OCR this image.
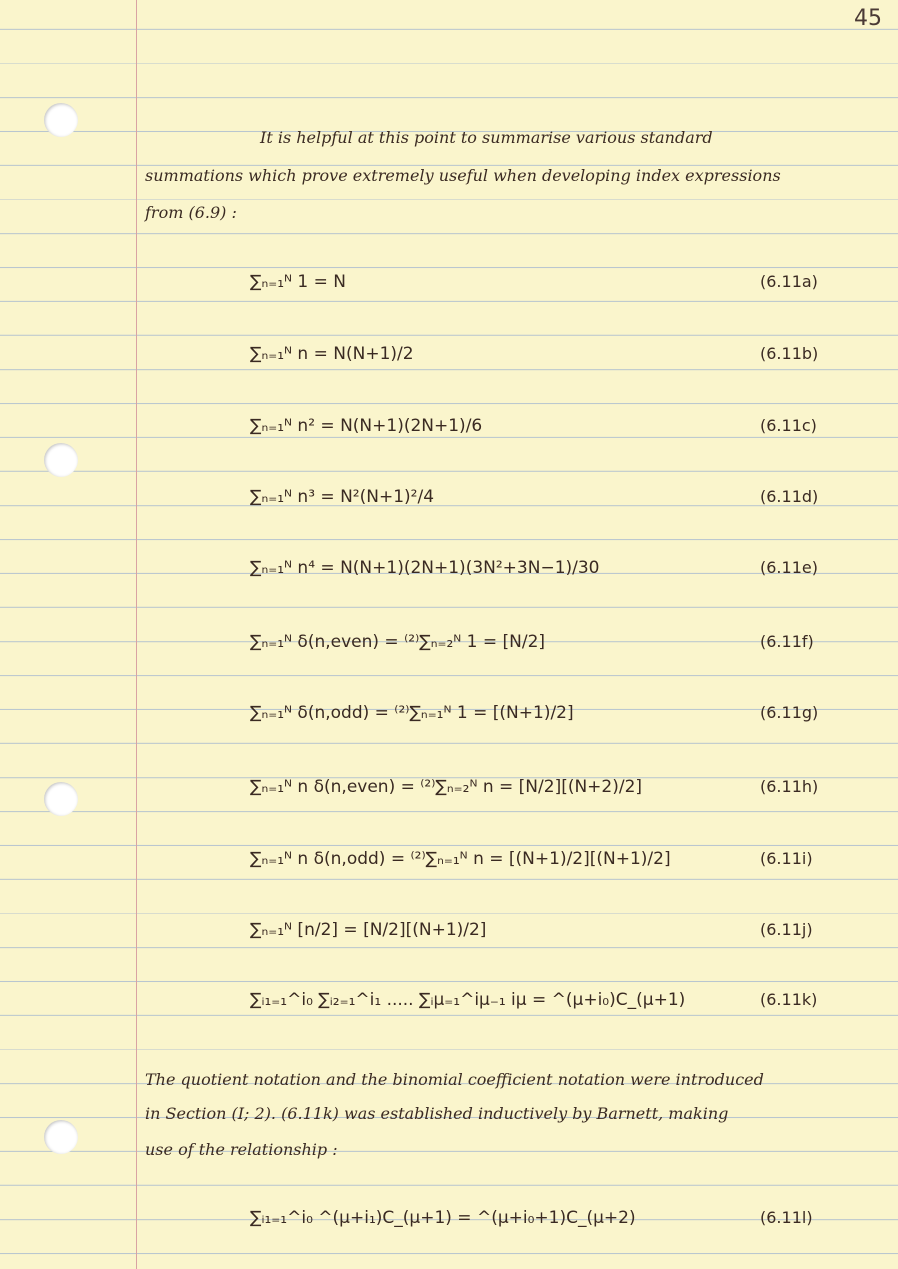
45
It is helpful at this point to summarise various standard
summations which prove extremely useful when developing index expressions
from (6.9) :
∑ₙ₌₁ᴺ 1 = N	(6.11a)
∑ₙ₌₁ᴺ n = N(N+1)/2	(6.11b)
∑ₙ₌₁ᴺ n² = N(N+1)(2N+1)/6	(6.11c)
∑ₙ₌₁ᴺ n³ = N²(N+1)²/4	(6.11d)
∑ₙ₌₁ᴺ n⁴ = N(N+1)(2N+1)(3N²+3N−1)/30	(6.11e)
∑ₙ₌₁ᴺ δ(n,even) = ⁽²⁾∑ₙ₌₂ᴺ 1 = [N/2]	(6.11f)
∑ₙ₌₁ᴺ δ(n,odd) = ⁽²⁾∑ₙ₌₁ᴺ 1 = [(N+1)/2]	(6.11g)
∑ₙ₌₁ᴺ n δ(n,even) = ⁽²⁾∑ₙ₌₂ᴺ n = [N/2][(N+2)/2]	(6.11h)
∑ₙ₌₁ᴺ n δ(n,odd) = ⁽²⁾∑ₙ₌₁ᴺ n = [(N+1)/2][(N+1)/2]	(6.11i)
∑ₙ₌₁ᴺ [n/2] = [N/2][(N+1)/2]	(6.11j)
∑ᵢ₁₌₁^i₀ ∑ᵢ₂₌₁^i₁ ..... ∑ᵢμ₌₁^iμ₋₁ iμ = ^(μ+i₀)C_(μ+1)	(6.11k)
The quotient notation and the binomial coefficient notation were introduced
in Section (I; 2). (6.11k) was established inductively by Barnett, making
use of the relationship :
∑ᵢ₁₌₁^i₀ ^(μ+i₁)C_(μ+1) = ^(μ+i₀+1)C_(μ+2)	(6.11l)
